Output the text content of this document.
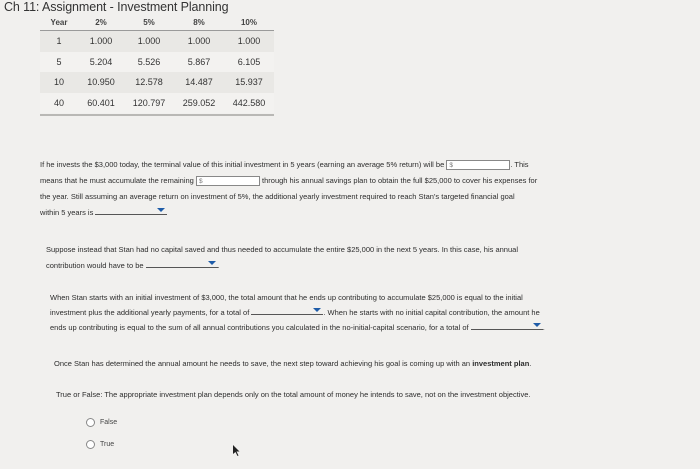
Ch 11: Assignment - Investment Planning
Year	2%	5%	8%	10%
1	1.000	1.000	1.000	1.000
5	5.204	5.526	5.867	6.105
10	10.950	12.578	14.487	15.937
40	60.401	120.797	259.052	442.580
If he invests the $3,000 today, the terminal value of this initial investment in 5 years (earning an average 5% return) will be $	. This
means that he must accumulate the remaining $	through his annual savings plan to obtain the full $25,000 to cover his expenses for
the year. Still assuming an average return on investment of 5%, the additional yearly investment required to reach Stan's targeted financial goal
within 5 years is
Suppose instead that Stan had no capital saved and thus needed to accumulate the entire $25,000 in the next 5 years. In this case, his annual
contribution would have to be	.
When Stan starts with an initial investment of $3,000, the total amount that he ends up contributing to accumulate $25,000 is equal to the initial
investment plus the additional yearly payments, for a total of	. When he starts with no initial capital contribution, the amount he
ends up contributing is equal to the sum of all annual contributions you calculated in the no-initial-capital scenario, for a total of	.
Once Stan has determined the annual amount he needs to save, the next step toward achieving his goal is coming up with an investment plan.
True or False: The appropriate investment plan depends only on the total amount of money he intends to save, not on the investment objective.
False
True
